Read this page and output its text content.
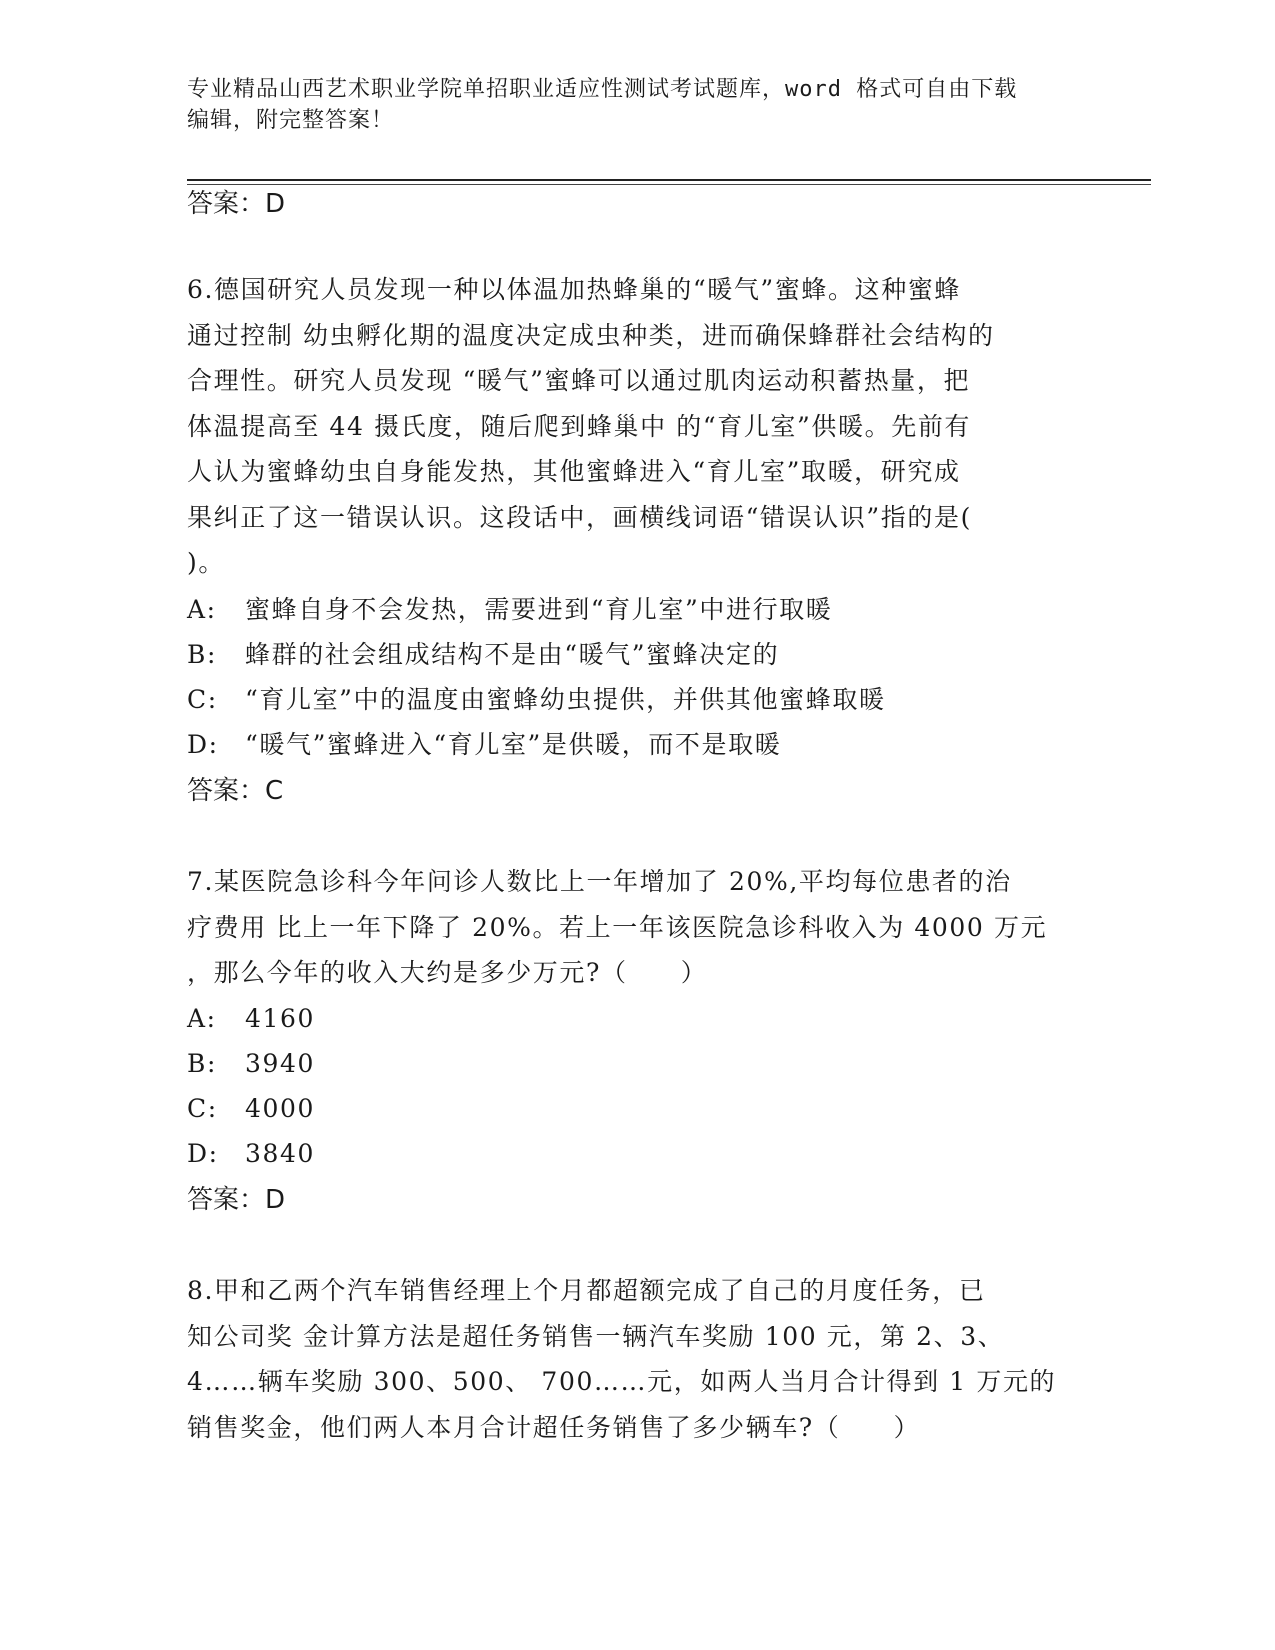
专业精品山西艺术职业学院单招职业适应性测试考试题库，word 格式可自由下载
编辑，附完整答案！
答案：D
6.德国研究人员发现一种以体温加热蜂巢的“暖气”蜜蜂。这种蜜蜂
通过控制 幼虫孵化期的温度决定成虫种类，进而确保蜂群社会结构的
合理性。研究人员发现 “暖气”蜜蜂可以通过肌肉运动积蓄热量，把
体温提高至 44 摄氏度，随后爬到蜂巢中 的“育儿室”供暖。先前有
人认为蜜蜂幼虫自身能发热，其他蜜蜂进入“育儿室”取暖，研究成
果纠正了这一错误认识。这段话中，画横线词语“错误认识”指的是(
)。
A: 蜜蜂自身不会发热，需要进到“育儿室”中进行取暖
B: 蜂群的社会组成结构不是由“暖气”蜜蜂决定的
C: “育儿室”中的温度由蜜蜂幼虫提供，并供其他蜜蜂取暖
D: “暖气”蜜蜂进入“育儿室”是供暖，而不是取暖
答案：C
7.某医院急诊科今年问诊人数比上一年增加了 20%,平均每位患者的治
疗费用 比上一年下降了 20%。若上一年该医院急诊科收入为 4000 万元
，那么今年的收入大约是多少万元?（　　）
A: 4160
B: 3940
C: 4000
D: 3840
答案：D
8.甲和乙两个汽车销售经理上个月都超额完成了自己的月度任务，已
知公司奖 金计算方法是超任务销售一辆汽车奖励 100 元，第 2、3、
4……辆车奖励 300、500、 700……元，如两人当月合计得到 1 万元的
销售奖金，他们两人本月合计超任务销售了多少辆车?（　　）
